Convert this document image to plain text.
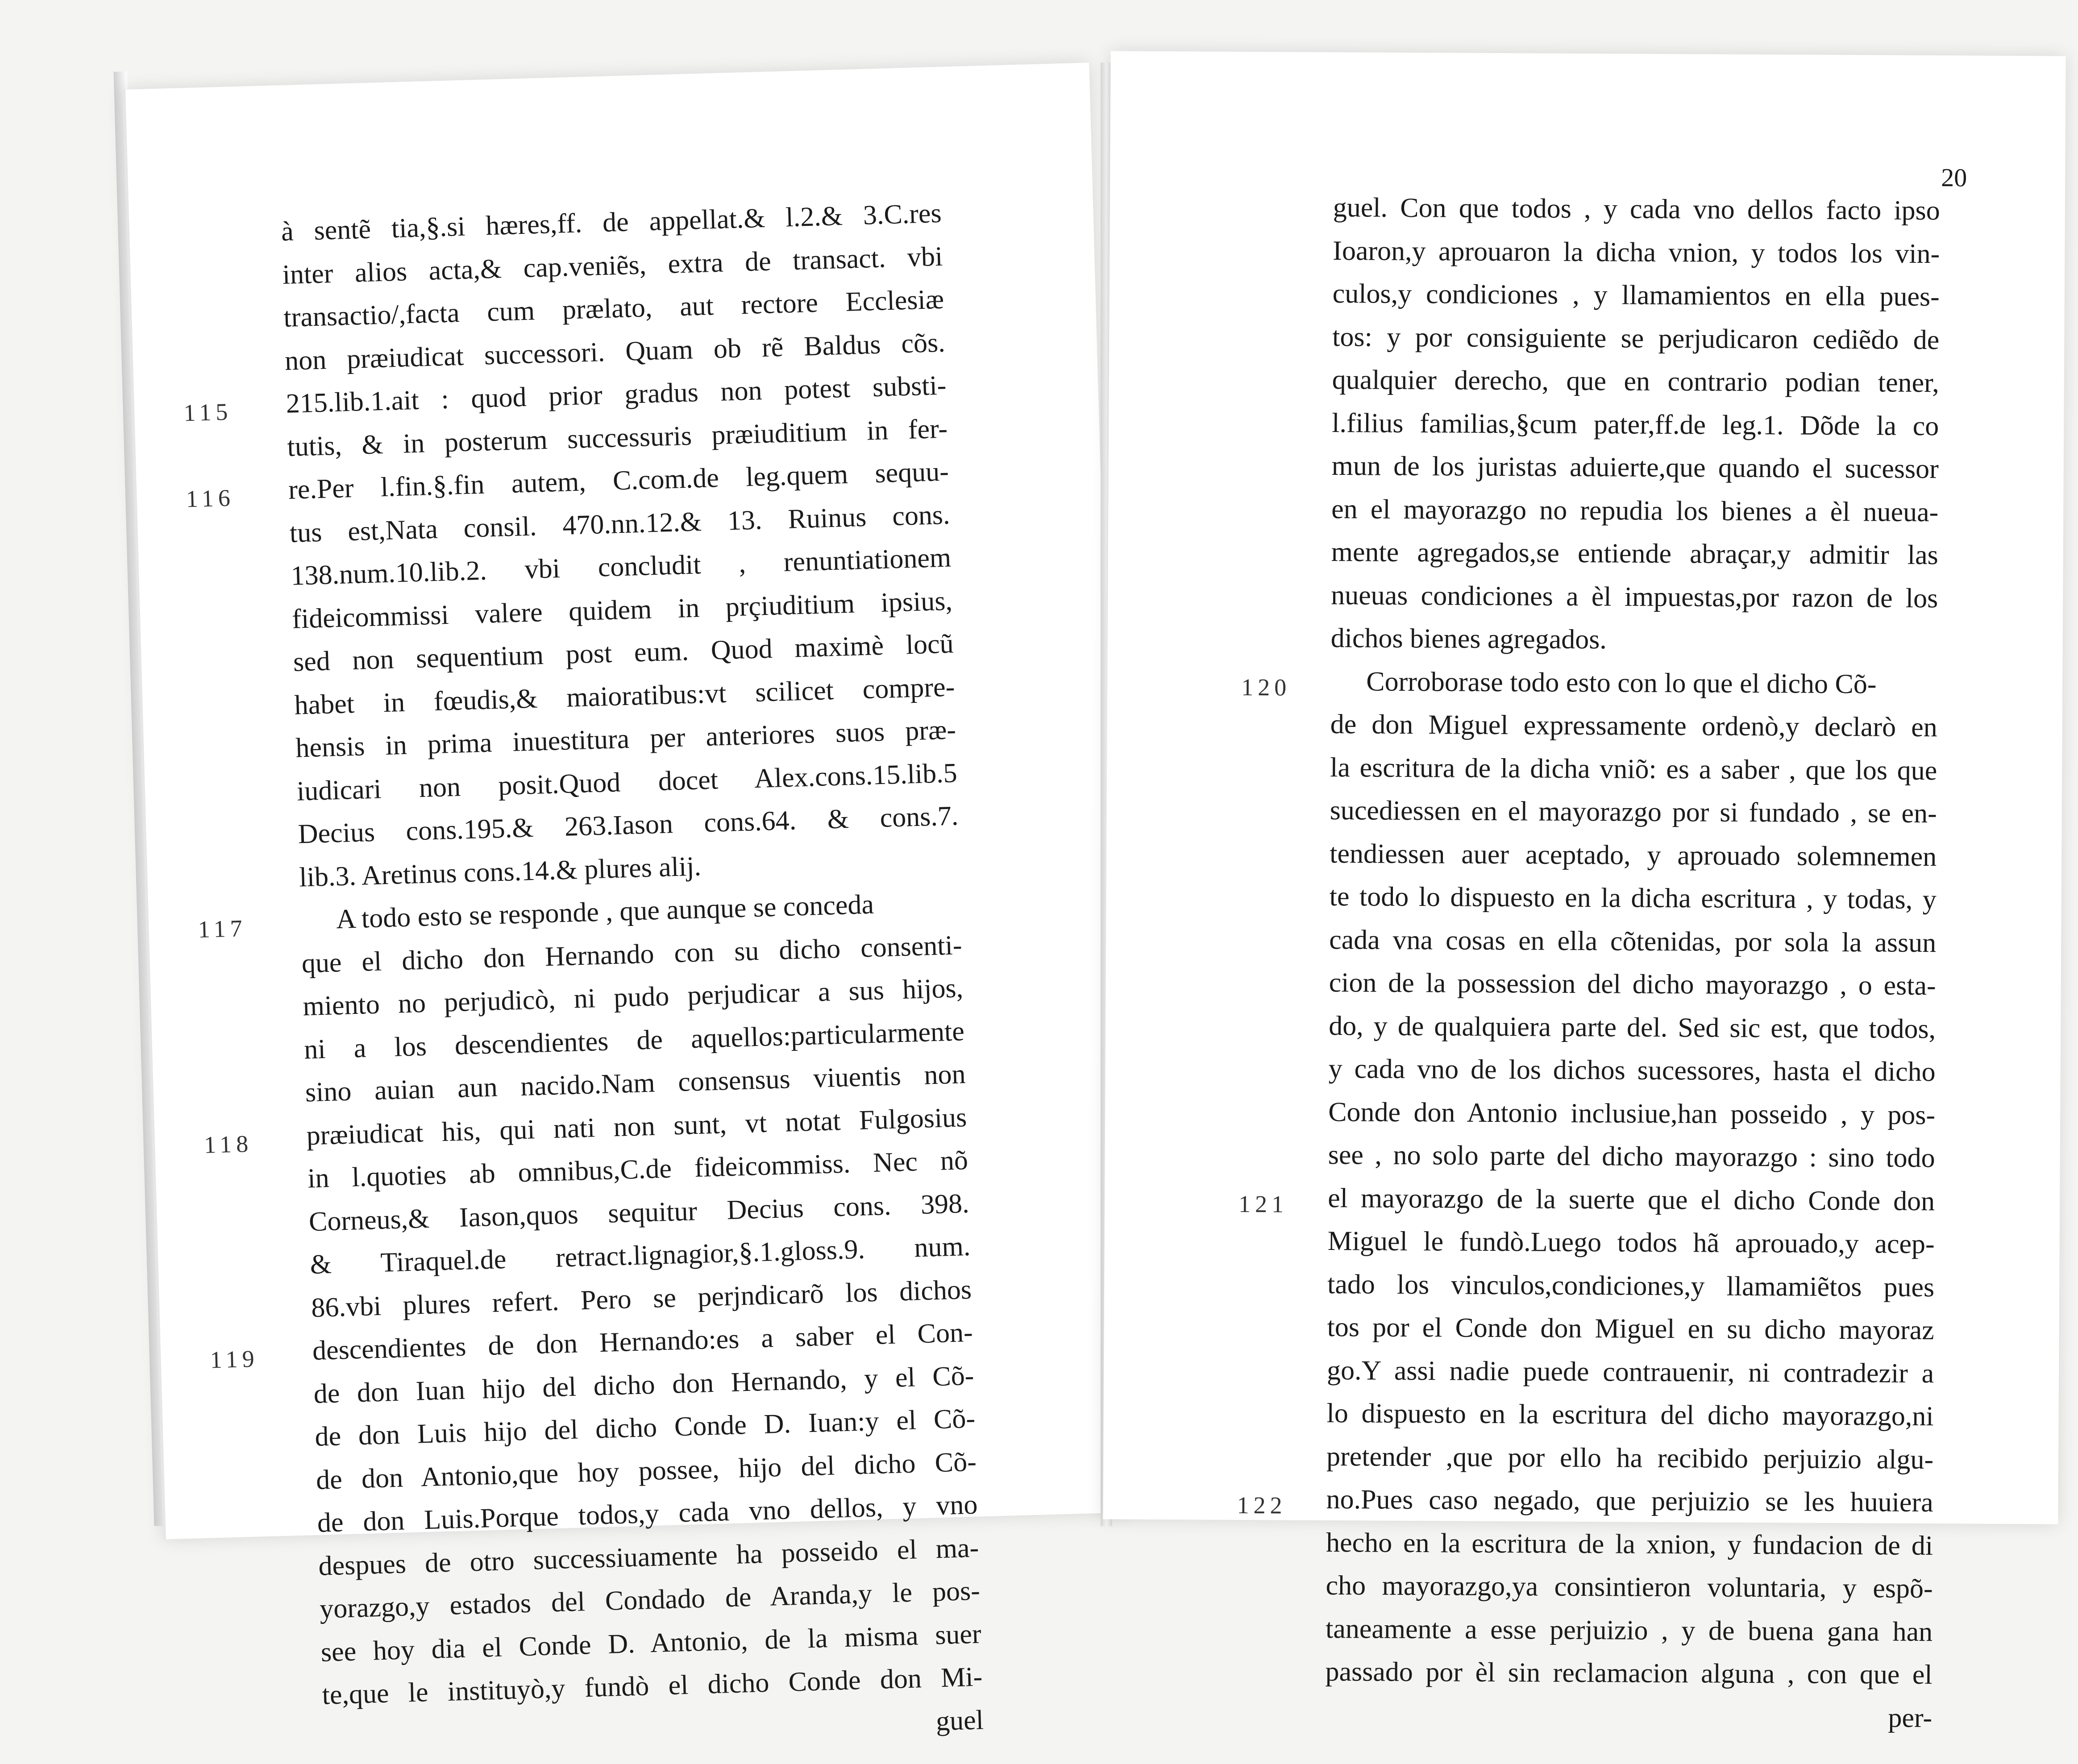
à sentẽ tia,§.si hæres,ff. de appellat.& l.2.& 3.C.res
inter alios acta,& cap.veniẽs, extra de transact. vbi
transactio/,facta cum prælato, aut rectore Ecclesiæ
non præiudicat successori. Quam ob rẽ Baldus cõs.
215.lib.1.ait : quod prior gradus non potest substi-
tutis, & in posterum successuris præiuditium in fer-
re.Per l.fin.§.fin autem, C.com.de leg.quem sequu-
tus est,Nata consil. 470.nn.12.& 13. Ruinus cons.
138.num.10.lib.2. vbi concludit , renuntiationem
fideicommissi valere quidem in prçiuditium ipsius,
sed non sequentium post eum. Quod maximè locũ
habet in fœudis,& maioratibus:vt scilicet compre-
hensis in prima inuestitura per anteriores suos præ-
iudicari non posit.Quod docet Alex.cons.15.lib.5
Decius cons.195.& 263.Iason cons.64. & cons.7.
lib.3. Aretinus cons.14.& plures alij.
A todo esto se responde , que aunque se conceda
que el dicho don Hernando con su dicho consenti-
miento no perjudicò, ni pudo perjudicar a sus hijos,
ni a los descendientes de aquellos:particularmente
sino auian aun nacido.Nam consensus viuentis non
præiudicat his, qui nati non sunt, vt notat Fulgosius
in l.quoties ab omnibus,C.de fideicommiss. Nec nõ
Corneus,& Iason,quos sequitur Decius cons. 398.
& Tiraquel.de retract.lignagior,§.1.gloss.9. num.
86.vbi plures refert. Pero se perjndicarõ los dichos
descendientes de don Hernando:es a saber el Con-
de don Iuan hijo del dicho don Hernando, y el Cõ-
de don Luis hijo del dicho Conde D. Iuan:y el Cõ-
de don Antonio,que hoy possee, hijo del dicho Cõ-
de don Luis.Porque todos,y cada vno dellos, y vno
despues de otro successiuamente ha posseido el ma-
yorazgo,y estados del Condado de Aranda,y le pos-
see hoy dia el Conde D. Antonio, de la misma suer
te,que le instituyò,y fundò el dicho Conde don Mi-
guel
115
116
117
118
119
20
guel. Con que todos , y cada vno dellos facto ipso
Ioaron,y aprouaron la dicha vnion, y todos los vin-
culos,y condiciones , y llamamientos en ella pues-
tos: y por consiguiente se perjudicaron cediẽdo de
qualquier derecho, que en contrario podian tener,
l.filius familias,§cum pater,ff.de leg.1. Dõde la co
mun de los juristas aduierte,que quando el sucessor
en el mayorazgo no repudia los bienes a èl nueua-
mente agregados,se entiende abraçar,y admitir las
nueuas condiciones a èl impuestas,por razon de los
dichos bienes agregados.
Corroborase todo esto con lo que el dicho Cõ-
de don Miguel expressamente ordenò,y declarò en
la escritura de la dicha vniõ: es a saber , que los que
sucediessen en el mayorazgo por si fundado , se en-
tendiessen auer aceptado, y aprouado solemnemen
te todo lo dispuesto en la dicha escritura , y todas, y
cada vna cosas en ella cõtenidas, por sola la assun
cion de la possession del dicho mayorazgo , o esta-
do, y de qualquiera parte del. Sed sic est, que todos,
y cada vno de los dichos sucessores, hasta el dicho
Conde don Antonio inclusiue,han posseido , y pos-
see , no solo parte del dicho mayorazgo : sino todo
el mayorazgo de la suerte que el dicho Conde don
Miguel le fundò.Luego todos hã aprouado,y acep-
tado los vinculos,condiciones,y llamamiẽtos pues
tos por el Conde don Miguel en su dicho mayoraz
go.Y assi nadie puede contrauenir, ni contradezir a
lo dispuesto en la escritura del dicho mayorazgo,ni
pretender ,que por ello ha recibido perjuizio algu-
no.Pues caso negado, que perjuizio se les huuiera
hecho en la escritura de la xnion, y fundacion de di
cho mayorazgo,ya consintieron voluntaria, y espõ-
taneamente a esse perjuizio , y de buena gana han
passado por èl sin reclamacion alguna , con que el
per-
120
121
122
